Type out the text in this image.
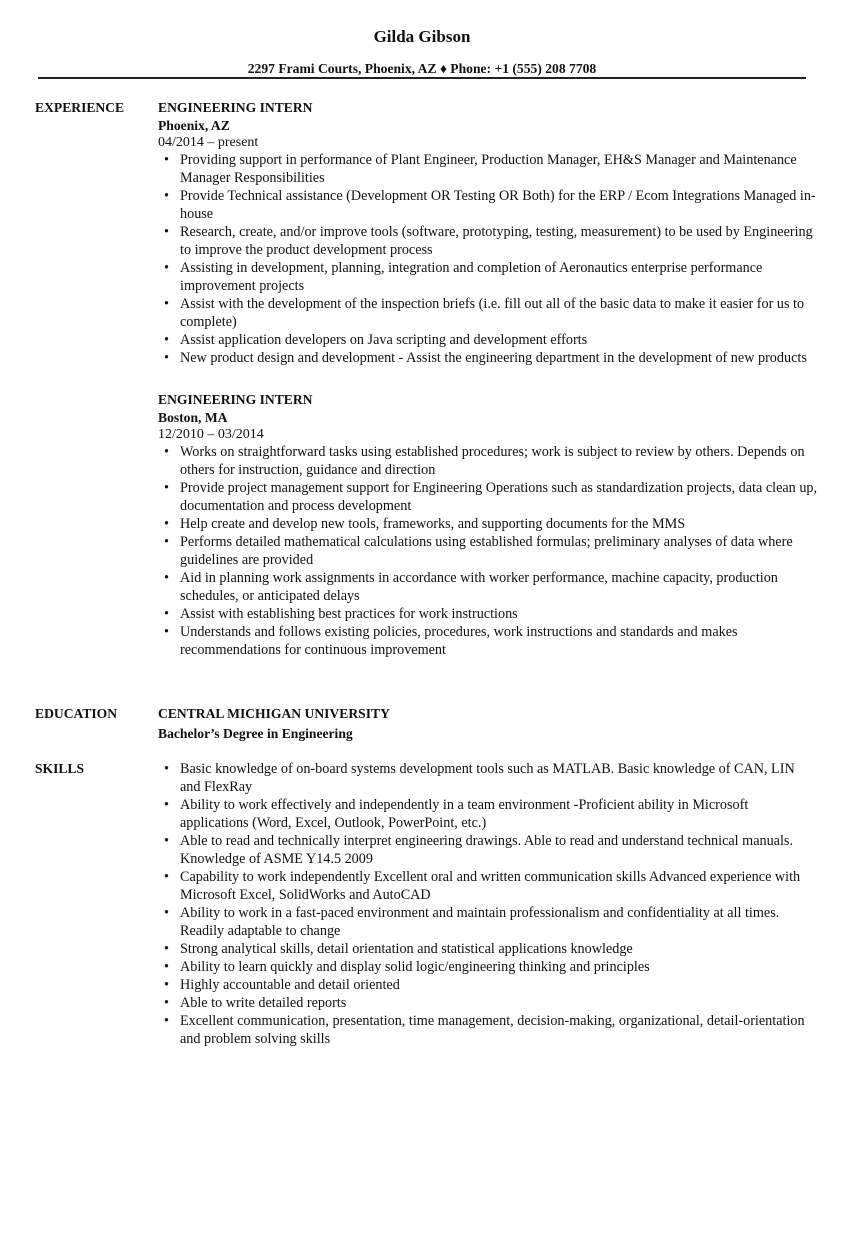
Gilda Gibson
2297 Frami Courts, Phoenix, AZ ♦ Phone: +1 (555) 208 7708
EXPERIENCE ENGINEERING INTERN
Phoenix, AZ
04/2014 – present
• Providing support in performance of Plant Engineer, Production Manager, EH&S Manager and Maintenance Manager Responsibilities
• Provide Technical assistance (Development OR Testing OR Both) for the ERP / Ecom Integrations Managed in-house
• Research, create, and/or improve tools (software, prototyping, testing, measurement) to be used by Engineering to improve the product development process
• Assisting in development, planning, integration and completion of Aeronautics enterprise performance improvement projects
• Assist with the development of the inspection briefs (i.e. fill out all of the basic data to make it easier for us to complete)
• Assist application developers on Java scripting and development efforts
• New product design and development - Assist the engineering department in the development of new products
ENGINEERING INTERN
Boston, MA
12/2010 – 03/2014
• Works on straightforward tasks using established procedures; work is subject to review by others. Depends on others for instruction, guidance and direction
• Provide project management support for Engineering Operations such as standardization projects, data clean up, documentation and process development
• Help create and develop new tools, frameworks, and supporting documents for the MMS
• Performs detailed mathematical calculations using established formulas; preliminary analyses of data where guidelines are provided
• Aid in planning work assignments in accordance with worker performance, machine capacity, production schedules, or anticipated delays
• Assist with establishing best practices for work instructions
• Understands and follows existing policies, procedures, work instructions and standards and makes recommendations for continuous improvement
EDUCATION	CENTRAL MICHIGAN UNIVERSITY
Bachelor’s Degree in Engineering
SKILLS
•	Basic knowledge of on-board systems development tools such as MATLAB. Basic knowledge of CAN, LIN and FlexRay
• Ability to work effectively and independently in a team environment -Proficient ability in Microsoft applications (Word, Excel, Outlook, PowerPoint, etc.)
• Able to read and technically interpret engineering drawings. Able to read and understand technical manuals. Knowledge of ASME Y14.5 2009
• Capability to work independently Excellent oral and written communication skills Advanced experience with Microsoft Excel, SolidWorks and AutoCAD
• Ability to work in a fast-paced environment and maintain professionalism and confidentiality at all times. Readily adaptable to change
• Strong analytical skills, detail orientation and statistical applications knowledge
• Ability to learn quickly and display solid logic/engineering thinking and principles
• Highly accountable and detail oriented
• Able to write detailed reports
• Excellent communication, presentation, time management, decision-making, organizational, detail-orientation and problem solving skills
